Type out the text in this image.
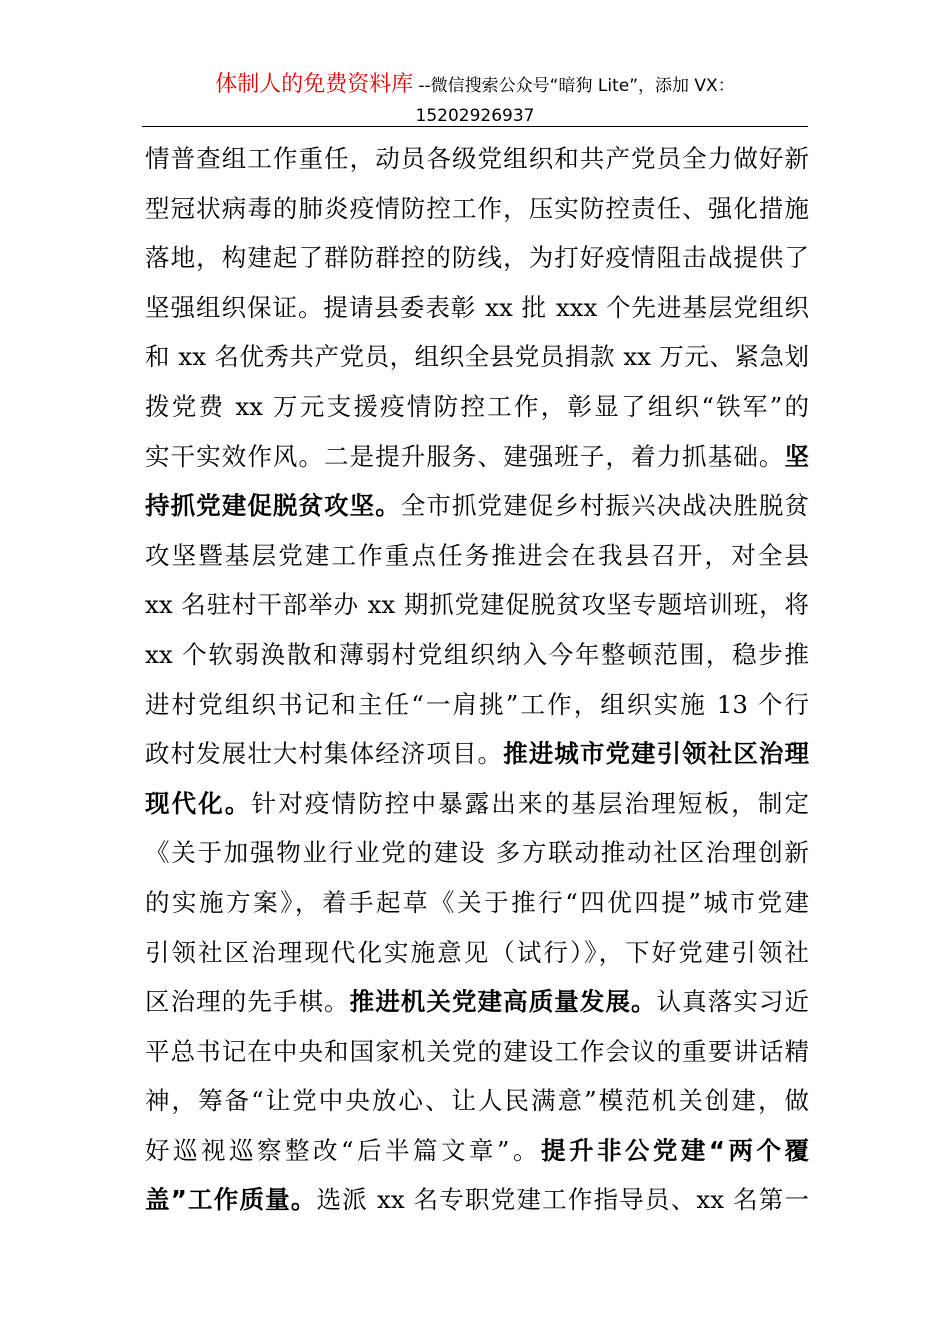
体制人的免费资料库 --微信搜索公众号“暗狗 Lite”，添加 VX：
15202926937
情普查组工作重任，动员各级党组织和共产党员全力做好新
型冠状病毒的肺炎疫情防控工作，压实防控责任、强化措施
落地，构建起了群防群控的防线，为打好疫情阻击战提供了
坚强组织保证。提请县委表彰 xx 批 xxx 个先进基层党组织
和 xx 名优秀共产党员，组织全县党员捐款 xx 万元、紧急划
拨党费 xx 万元支援疫情防控工作，彰显了组织“铁军”的
实干实效作风。二是提升服务、建强班子，着力抓基础。坚
持抓党建促脱贫攻坚。全市抓党建促乡村振兴决战决胜脱贫
攻坚暨基层党建工作重点任务推进会在我县召开，对全县
xx 名驻村干部举办 xx 期抓党建促脱贫攻坚专题培训班，将
xx 个软弱涣散和薄弱村党组织纳入今年整顿范围，稳步推
进村党组织书记和主任“一肩挑”工作，组织实施 13 个行
政村发展壮大村集体经济项目。推进城市党建引领社区治理
现代化。针对疫情防控中暴露出来的基层治理短板，制定
《关于加强物业行业党的建设 多方联动推动社区治理创新
的实施方案》，着手起草《关于推行“四优四提”城市党建
引领社区治理现代化实施意见（试行）》，下好党建引领社
区治理的先手棋。推进机关党建高质量发展。认真落实习近
平总书记在中央和国家机关党的建设工作会议的重要讲话精
神，筹备“让党中央放心、让人民满意”模范机关创建，做
好巡视巡察整改“后半篇文章”。提升非公党建“两个覆
盖”工作质量。选派 xx 名专职党建工作指导员、xx 名第一
